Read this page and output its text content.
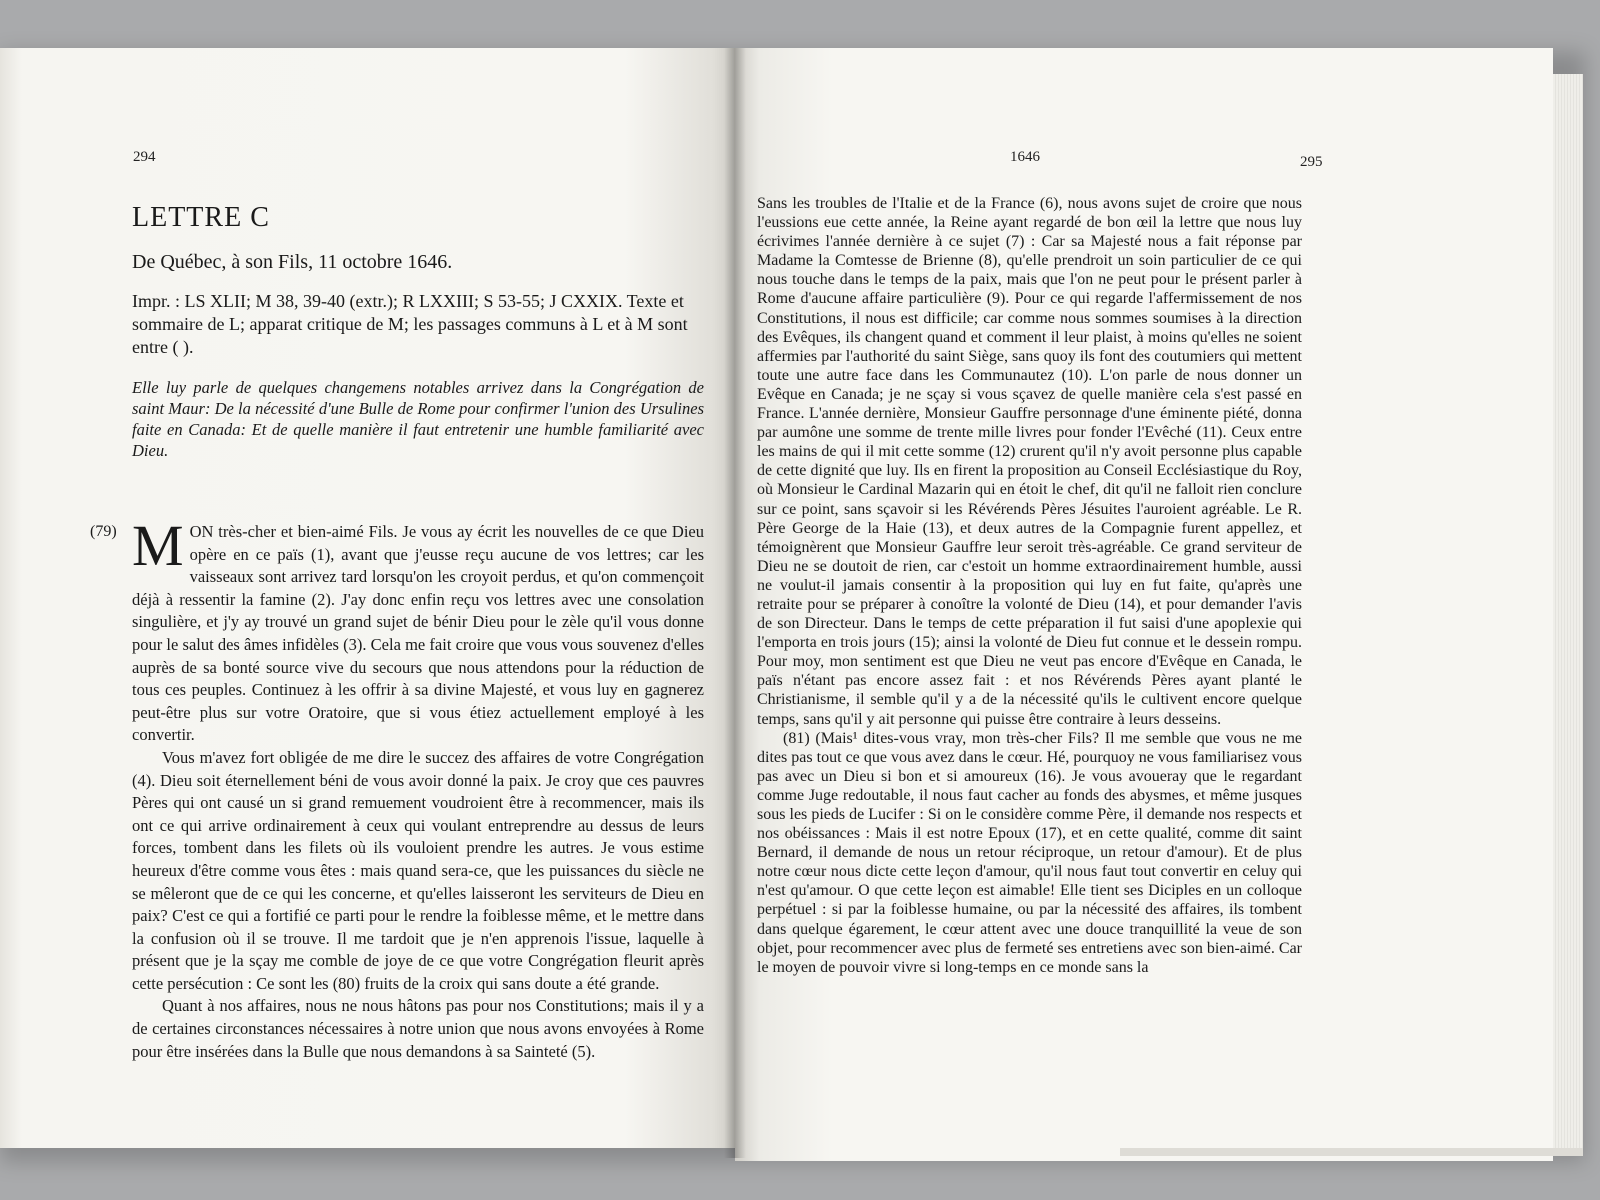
294
LETTRE C
De Québec, à son Fils, 11 octobre 1646.
Impr. : LS XLII; M 38, 39-40 (extr.); R LXXIII; S 53-55; J CXXIX. Texte et sommaire de L; apparat critique de M; les passages communs à L et à M sont entre ( ).
Elle luy parle de quelques changemens notables arrivez dans la Congrégation de saint Maur: De la nécessité d'une Bulle de Rome pour confirmer l'union des Ursulines faite en Canada: Et de quelle manière il faut entretenir une humble familiarité avec Dieu.
(79) MON très-cher et bien-aimé Fils. Je vous ay écrit les nouvelles de ce que Dieu opère en ce païs (1), avant que j'eusse reçu aucune de vos lettres; car les vaisseaux sont arrivez tard lorsqu'on les croyoit perdus, et qu'on commençoit déjà à ressentir la famine (2). J'ay donc enfin reçu vos lettres avec une consolation singulière, et j'y ay trouvé un grand sujet de bénir Dieu pour le zèle qu'il vous donne pour le salut des âmes infidèles (3). Cela me fait croire que vous vous souvenez d'elles auprès de sa bonté source vive du secours que nous attendons pour la réduction de tous ces peuples. Continuez à les offrir à sa divine Majesté, et vous luy en gagnerez peut-être plus sur votre Oratoire, que si vous étiez actuellement employé à les convertir.

Vous m'avez fort obligée de me dire le succez des affaires de votre Congrégation (4). Dieu soit éternellement béni de vous avoir donné la paix. Je croy que ces pauvres Pères qui ont causé un si grand remuement voudroient être à recommencer, mais ils ont ce qui arrive ordinairement à ceux qui voulant entreprendre au dessus de leurs forces, tombent dans les filets où ils vouloient prendre les autres. Je vous estime heureux d'être comme vous êtes : mais quand sera-ce, que les puissances du siècle ne se mêleront que de ce qui les concerne, et qu'elles laisseront les serviteurs de Dieu en paix? C'est ce qui a fortifié ce parti pour le rendre la foiblesse même, et le mettre dans la confusion où il se trouve. Il me tardoit que je n'en apprenois l'issue, laquelle à présent que je la sçay me comble de joye de ce que votre Congrégation fleurit après cette persécution : Ce sont les (80) fruits de la croix qui sans doute a été grande.

Quant à nos affaires, nous ne nous hâtons pas pour nos Constitutions; mais il y a de certaines circonstances nécessaires à notre union que nous avons envoyées à Rome pour être insérées dans la Bulle que nous demandons à sa Sainteté (5).

1646	295

Sans les troubles de l'Italie et de la France (6), nous avons sujet de croire que nous l'eussions eue cette année, la Reine ayant regardé de bon œil la lettre que nous luy écrivimes l'année dernière à ce sujet (7) : Car sa Majesté nous a fait réponse par Madame la Comtesse de Brienne (8), qu'elle prendroit un soin particulier de ce qui nous touche dans le temps de la paix, mais que l'on ne peut pour le présent parler à Rome d'aucune affaire particulière (9). Pour ce qui regarde l'affermissement de nos Constitutions, il nous est difficile; car comme nous sommes soumises à la direction des Evêques, ils changent quand et comment il leur plaist, à moins qu'elles ne soient affermies par l'authorité du saint Siège, sans quoy ils font des coutumiers qui mettent toute une autre face dans les Communautez (10). L'on parle de nous donner un Evêque en Canada; je ne sçay si vous sçavez de quelle manière cela s'est passé en France. L'année dernière, Monsieur Gauffre personnage d'une éminente piété, donna par aumône une somme de trente mille livres pour fonder l'Evêché (11). Ceux entre les mains de qui il mit cette somme (12) crurent qu'il n'y avoit personne plus capable de cette dignité que luy. Ils en firent la proposition au Conseil Ecclésiastique du Roy, où Monsieur le Cardinal Mazarin qui en étoit le chef, dit qu'il ne falloit rien conclure sur ce point, sans sçavoir si les Révérends Pères Jésuites l'auroient agréable. Le R. Père George de la Haie (13), et deux autres de la Compagnie furent appellez, et témoignèrent que Monsieur Gauffre leur seroit très-agréable. Ce grand serviteur de Dieu ne se doutoit de rien, car c'estoit un homme extraordinairement humble, aussi ne voulut-il jamais consentir à la proposition qui luy en fut faite, qu'après une retraite pour se préparer à conoître la volonté de Dieu (14), et pour demander l'avis de son Directeur. Dans le temps de cette préparation il fut saisi d'une apoplexie qui l'emporta en trois jours (15); ainsi la volonté de Dieu fut connue et le dessein rompu. Pour moy, mon sentiment est que Dieu ne veut pas encore d'Evêque en Canada, le païs n'étant pas encore assez fait : et nos Révérends Pères ayant planté le Christianisme, il semble qu'il y a de la nécessité qu'ils le cultivent encore quelque temps, sans qu'il y ait personne qui puisse être contraire à leurs desseins.

(81) (Mais¹ dites-vous vray, mon très-cher Fils? Il me semble que vous ne me dites pas tout ce que vous avez dans le cœur. Hé, pourquoy ne vous familiarisez vous pas avec un Dieu si bon et si amoureux (16). Je vous avoueray que le regardant comme Juge redoutable, il nous faut cacher au fonds des abysmes, et même jusques sous les pieds de Lucifer : Si on le considère comme Père, il demande nos respects et nos obéissances : Mais il est notre Epoux (17), et en cette qualité, comme dit saint Bernard, il demande de nous un retour réciproque, un retour d'amour). Et de plus notre cœur nous dicte cette leçon d'amour, qu'il nous faut tout convertir en celuy qui n'est qu'amour. O que cette leçon est aimable! Elle tient ses Diciples en un colloque perpétuel : si par la foiblesse humaine, ou par la nécessité des affaires, ils tombent dans quelque égarement, le cœur attent avec une douce tranquillité la veue de son objet, pour recommencer avec plus de fermeté ses entretiens avec son bien-aimé. Car le moyen de pouvoir vivre si long-temps en ce monde sans la
